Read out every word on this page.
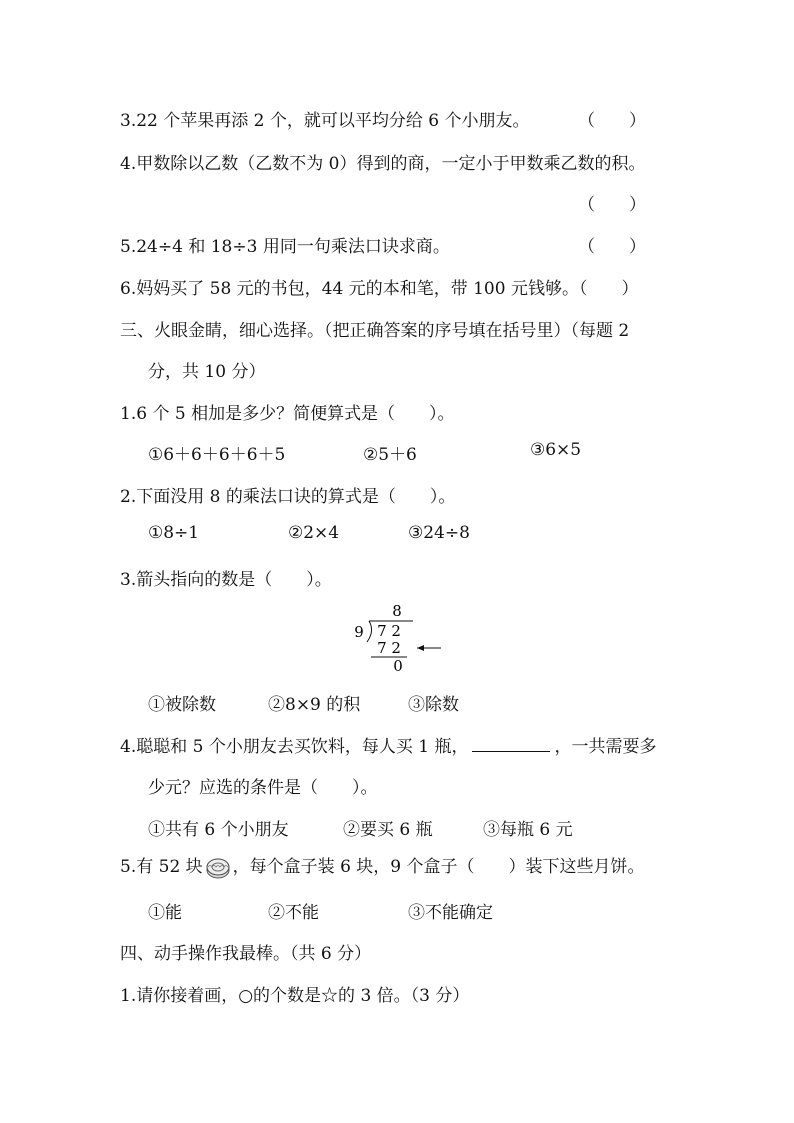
3.22 个苹果再添 2 个，就可以平均分给 6 个小朋友。	（　　）
4.甲数除以乙数（乙数不为 0）得到的商，一定小于甲数乘乙数的积。
（　　）
5.24÷4 和 18÷3 用同一句乘法口诀求商。	（　　）
6.妈妈买了 58 元的书包，44 元的本和笔，带 100 元钱够。（　　）
三、火眼金睛，细心选择。（把正确答案的序号填在括号里）（每题 2
分，共 10 分）
1.6 个 5 相加是多少？简便算式是（　　）。
①6＋6＋6＋6＋5	②5＋6	③6×5
2.下面没用 8 的乘法口诀的算式是（　　）。
①8÷1	②2×4	③24÷8
3.箭头指向的数是（　　）。
8
9 7 2
7 2
0
①被除数	②8×9 的积	③除数
4.聪聪和 5 个小朋友去买饮料，每人买 1 瓶，	，一共需要多
少元？应选的条件是（　　）。
①共有 6 个小朋友	②要买 6 瓶	③每瓶 6 元
5.有 52 块 ，每个盒子装 6 块，9 个盒子（　　）装下这些月饼。
①能	②不能	③不能确定
四、动手操作我最棒。（共 6 分）
1.请你接着画，○的个数是☆的 3 倍。（3 分）
